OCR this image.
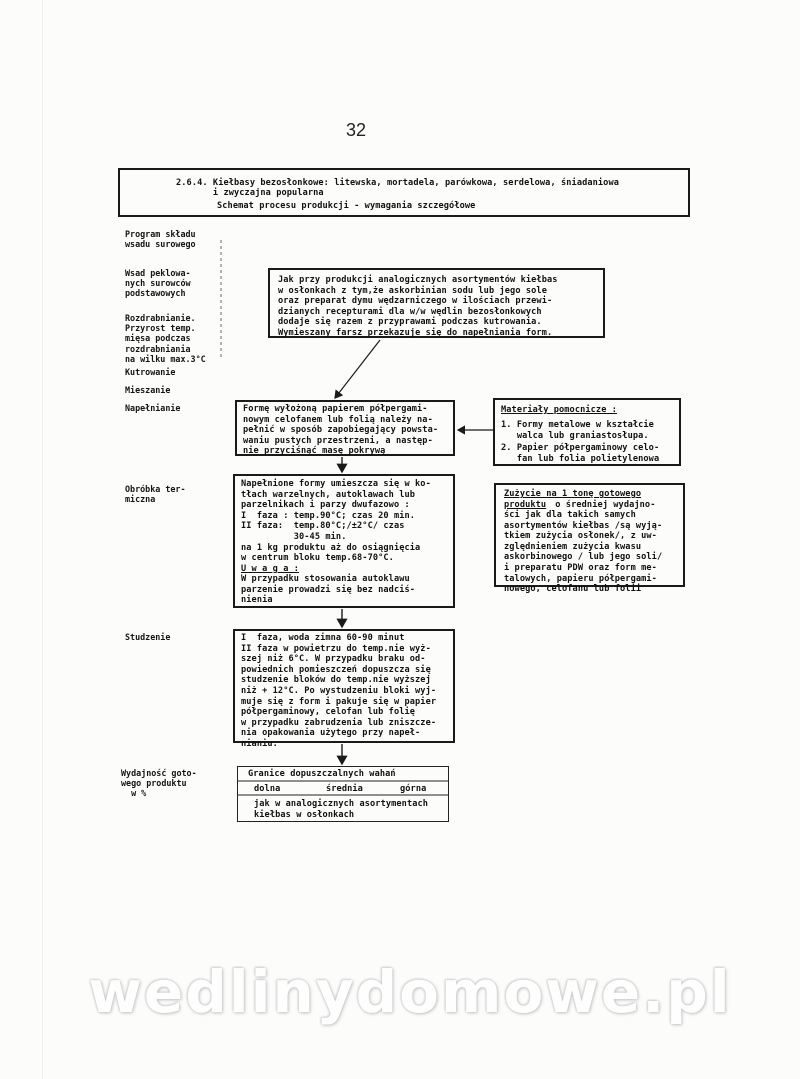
32
2.6.4. Kiełbasy bezosłonkowe: litewska, mortadela, parówkowa, serdelowa, śniadaniowa
i zwyczajna popularna
Schemat procesu produkcji - wymagania szczegółowe
Program składu
wsadu surowego
Wsad peklowa-
nych surowców
podstawowych
Rozdrabnianie.
Przyrost temp.
mięsa podczas
rozdrabniania
na wilku max.3°C
Kutrowanie
Mieszanie
Napełnianie
Obróbka ter-
miczna
Studzenie
Wydajność goto-
wego produktu
w %
Jak przy produkcji analogicznych asortymentów kiełbas
w osłonkach z tym,że askorbinian sodu lub jego sole
oraz preparat dymu wędzarniczego w ilościach przewi-
dzianych recepturami dla w/w wędlin bezosłonkowych
dodaje się razem z przyprawami podczas kutrowania.
Wymieszany farsz przekazuje się do napełniania form.
Formę wyłożoną papierem półpergami-
nowym celofanem lub folią należy na-
pełnić w sposób zapobiegający powsta-
waniu pustych przestrzeni, a następ-
nie przyciśnąć masę pokrywą
Materiały pomocnicze :
1. Formy metalowe w kształcie
walca lub graniastosłupa.
2. Papier półpergaminowy celo-
fan lub folia polietylenowa
Napełnione formy umieszcza się w ko-
tłach warzelnych, autoklawach lub
parzelnikach i parzy dwufazowo :
I  faza : temp.90°C; czas 20 min.
II faza:  temp.80°C;/±2°C/ czas
30-45 min.
na 1 kg produktu aż do osiągnięcia
w centrum bloku temp.68-70°C.
U w a g a :
W przypadku stosowania autoklawu
parzenie prowadzi się bez nadciś-
nienia
Zużycie na 1 tonę gotowego
produktu o średniej wydajno-
ści jak dla takich samych
asortymentów kiełbas /są wyją-
tkiem zużycia osłonek/, z uw-
zględnieniem zużycia kwasu
askorbinowego / lub jego soli/
i preparatu PDW oraz form me-
talowych, papieru półpergami-
nowego, celofanu lub folii
I  faza, woda zimna 60-90 minut
II faza w powietrzu do temp.nie wyż-
szej niż 6°C. W przypadku braku od-
powiednich pomieszczeń dopuszcza się
studzenie bloków do temp.nie wyższej
niż + 12°C. Po wystudzeniu bloki wyj-
muje się z form i pakuje się w papier
półpergaminowy, celofan lub folię
w przypadku zabrudzenia lub zniszcze-
nia opakowania użytego przy napeł-
nianiu.
Granice dopuszczalnych wahań
dolna	średnia	górna
jak w analogicznych asortymentach
kiełbas w osłonkach
wedlinydomowe.pl
